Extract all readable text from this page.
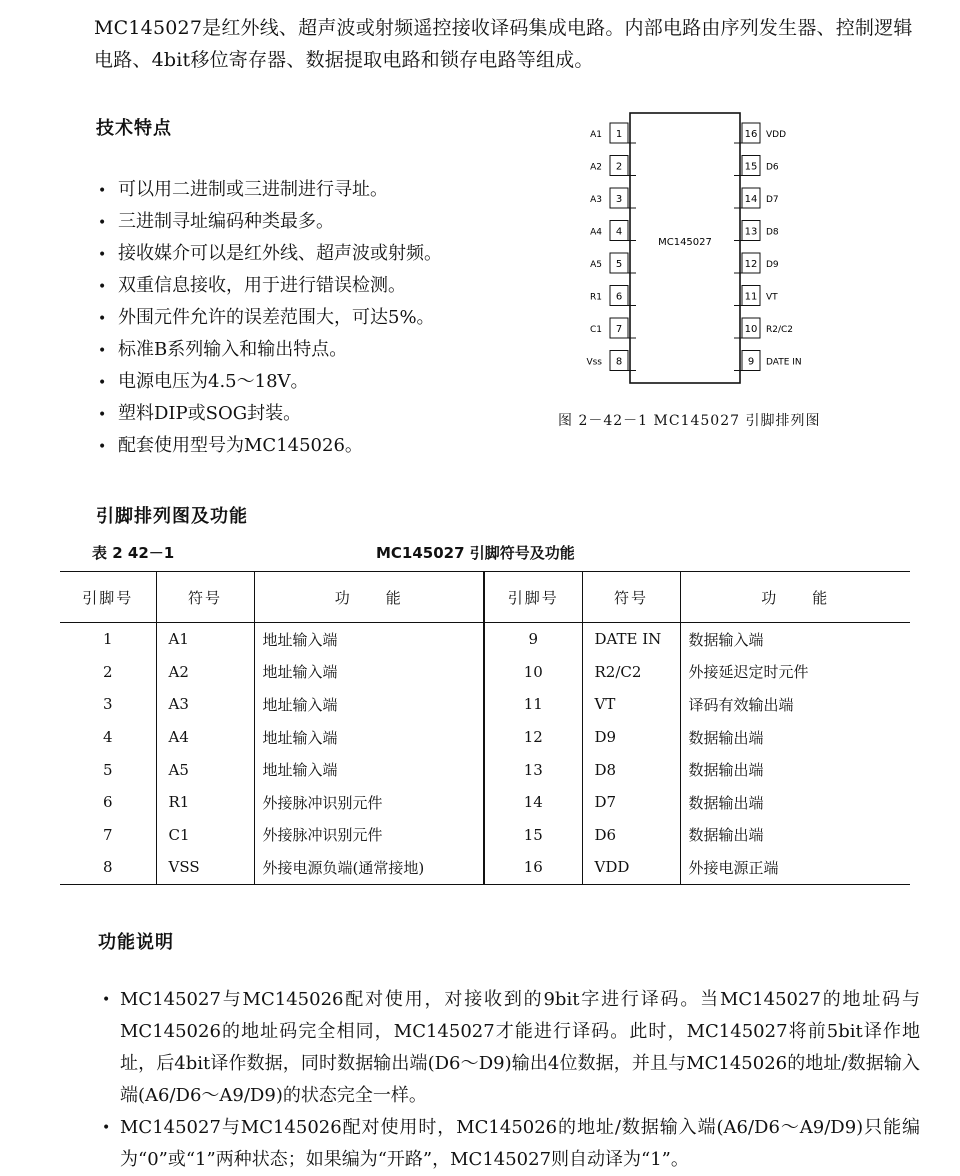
MC145027是红外线、超声波或射频遥控接收译码集成电路。内部电路由序列发生器、控制逻辑电路、4bit移位寄存器、数据提取电路和锁存电路等组成。
技术特点
• 可以用二进制或三进制进行寻址。
• 三进制寻址编码种类最多。
• 接收媒介可以是红外线、超声波或射频。
• 双重信息接收，用于进行错误检测。
• 外围元件允许的误差范围大，可达5%。
• 标准B系列输入和输出特点。
• 电源电压为4.5～18V。
• 塑料DIP或SOG封装。
• 配套使用型号为MC145026。
MC145027
1
A1
2
A2
3
A3
4
A4
5
A5
6
R1
7
C1
8
Vss
16 VDD
15 D6
14 D7
13 D8
12 D9
11 VT
10 R2/C2
9 DATE IN
图 2－42－1 MC145027 引脚排列图
引脚排列图及功能
表 2 42－1	MC145027 引脚符号及功能
引脚号	符号	功　　能	引脚号	符号	功　　能
1	A1	地址输入端	9	DATE IN	数据输入端
2	A2	地址输入端	10	R2/C2	外接延迟定时元件
3	A3	地址输入端	11	VT	译码有效输出端
4	A4	地址输入端	12	D9	数据输出端
5	A5	地址输入端	13	D8	数据输出端
6	R1	外接脉冲识别元件	14	D7	数据输出端
7	C1	外接脉冲识别元件	15	D6	数据输出端
8	VSS	外接电源负端(通常接地)	16	VDD	外接电源正端
功能说明
• MC145027与MC145026配对使用，对接收到的9bit字进行译码。当MC145027的地址码与MC145026的地址码完全相同，MC145027才能进行译码。此时，MC145027将前5bit译作地址，后4bit译作数据，同时数据输出端(D6～D9)输出4位数据，并且与MC145026的地址/数据输入端(A6/D6～A9/D9)的状态完全一样。
• MC145027与MC145026配对使用时，MC145026的地址/数据输入端(A6/D6～A9/D9)只能编为“0”或“1”两种状态；如果编为“开路”，MC145027则自动译为“1”。
